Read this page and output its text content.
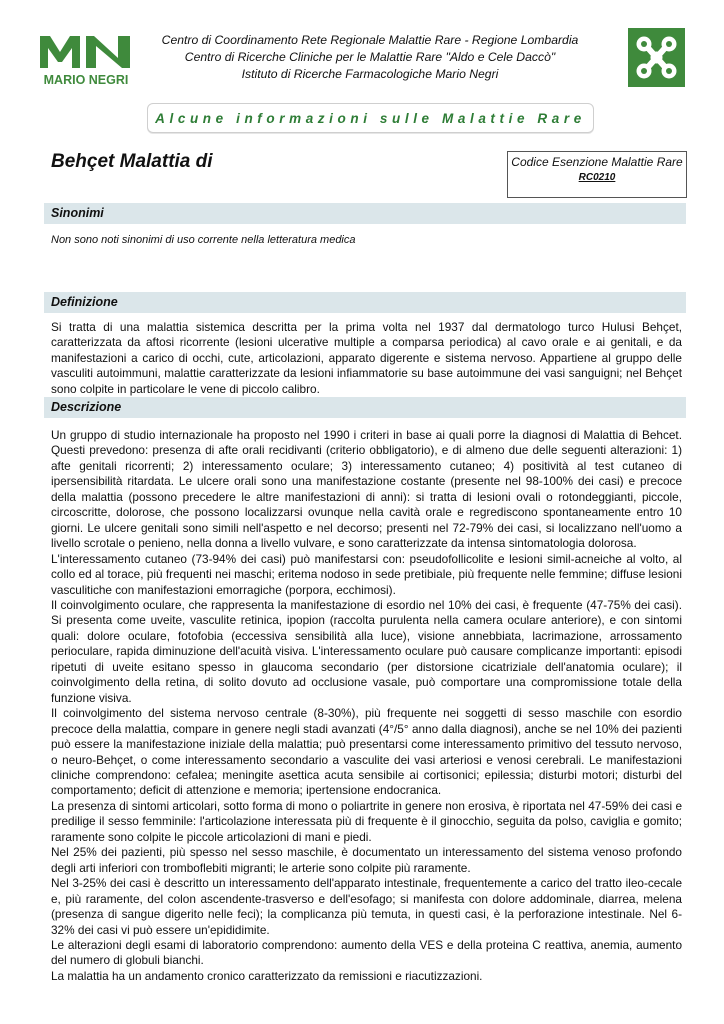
MARIO NEGRI
Centro di Coordinamento Rete Regionale Malattie Rare - Regione Lombardia
Centro di Ricerche Cliniche per le Malattie Rare "Aldo e Cele Daccò"
Istituto di Ricerche Farmacologiche Mario Negri
Alcune informazioni sulle Malattie Rare
Behçet Malattia di	Codice Esenzione Malattie Rare
RC0210
Sinonimi
Non sono noti sinonimi di uso corrente nella letteratura medica
Definizione

Si tratta di una malattia sistemica descritta per la prima volta nel 1937 dal dermatologo turco Hulusi Behçet, caratterizzata da aftosi ricorrente (lesioni ulcerative multiple a comparsa periodica) al cavo orale e ai genitali, e da manifestazioni a carico di occhi, cute, articolazioni, apparato digerente e sistema nervoso. Appartiene al gruppo delle vasculiti autoimmuni, malattie caratterizzate da lesioni infiammatorie su base autoimmune dei vasi sanguigni; nel Behçet sono colpite in particolare le vene di piccolo calibro.

Descrizione

Un gruppo di studio internazionale ha proposto nel 1990 i criteri in base ai quali porre la diagnosi di Malattia di Behcet. Questi prevedono: presenza di afte orali recidivanti (criterio obbligatorio), e di almeno due delle seguenti alterazioni: 1) afte genitali ricorrenti; 2) interessamento oculare; 3) interessamento cutaneo; 4) positività al test cutaneo di ipersensibilità ritardata. Le ulcere orali sono una manifestazione costante (presente nel 98-100% dei casi) e precoce della malattia (possono precedere le altre manifestazioni di anni): si tratta di lesioni ovali o rotondeggianti, piccole, circoscritte, dolorose, che possono localizzarsi ovunque nella cavità orale e regrediscono spontaneamente entro 10 giorni. Le ulcere genitali sono simili nell'aspetto e nel decorso; presenti nel 72-79% dei casi, si localizzano nell'uomo a livello scrotale o penieno, nella donna a livello vulvare, e sono caratterizzate da intensa sintomatologia dolorosa.

L'interessamento cutaneo (73-94% dei casi) può manifestarsi con: pseudofollicolite e lesioni simil-acneiche al volto, al collo ed al torace, più frequenti nei maschi; eritema nodoso in sede pretibiale, più frequente nelle femmine; diffuse lesioni vasculitiche con manifestazioni emorragiche (porpora, ecchimosi).

Il coinvolgimento oculare, che rappresenta la manifestazione di esordio nel 10% dei casi, è frequente (47-75% dei casi). Si presenta come uveite, vasculite retinica, ipopion (raccolta purulenta nella camera oculare anteriore), e con sintomi quali: dolore oculare, fotofobia (eccessiva sensibilità alla luce), visione annebbiata, lacrimazione, arrossamento perioculare, rapida diminuzione dell'acuità visiva. L'interessamento oculare può causare complicanze importanti: episodi ripetuti di uveite esitano spesso in glaucoma secondario (per distorsione cicatriziale dell'anatomia oculare); il coinvolgimento della retina, di solito dovuto ad occlusione vasale, può comportare una compromissione totale della funzione visiva.

Il coinvolgimento del sistema nervoso centrale (8-30%), più frequente nei soggetti di sesso maschile con esordio precoce della malattia, compare in genere negli stadi avanzati (4°/5° anno dalla diagnosi), anche se nel 10% dei pazienti può essere la manifestazione iniziale della malattia; può presentarsi come interessamento primitivo del tessuto nervoso, o neuro-Behçet, o come interessamento secondario a vasculite dei vasi arteriosi e venosi cerebrali. Le manifestazioni cliniche comprendono: cefalea; meningite asettica acuta sensibile ai cortisonici; epilessia; disturbi motori; disturbi del comportamento; deficit di attenzione e memoria; ipertensione endocranica.

La presenza di sintomi articolari, sotto forma di mono o poliartrite in genere non erosiva, è riportata nel 47-59% dei casi e predilige il sesso femminile: l'articolazione interessata più di frequente è il ginocchio, seguita da polso, caviglia e gomito; raramente sono colpite le piccole articolazioni di mani e piedi.

Nel 25% dei pazienti, più spesso nel sesso maschile, è documentato un interessamento del sistema venoso profondo degli arti inferiori con tromboflebiti migranti; le arterie sono colpite più raramente.

Nel 3-25% dei casi è descritto un interessamento dell'apparato intestinale, frequentemente a carico del tratto ileo-cecale e, più raramente, del colon ascendente-trasverso e dell'esofago; si manifesta con dolore addominale, diarrea, melena (presenza di sangue digerito nelle feci); la complicanza più temuta, in questi casi, è la perforazione intestinale. Nel 6-32% dei casi vi può essere un'epididimite.

Le alterazioni degli esami di laboratorio comprendono: aumento della VES e della proteina C reattiva, anemia, aumento del numero di globuli bianchi.

La malattia ha un andamento cronico caratterizzato da remissioni e riacutizzazioni.
